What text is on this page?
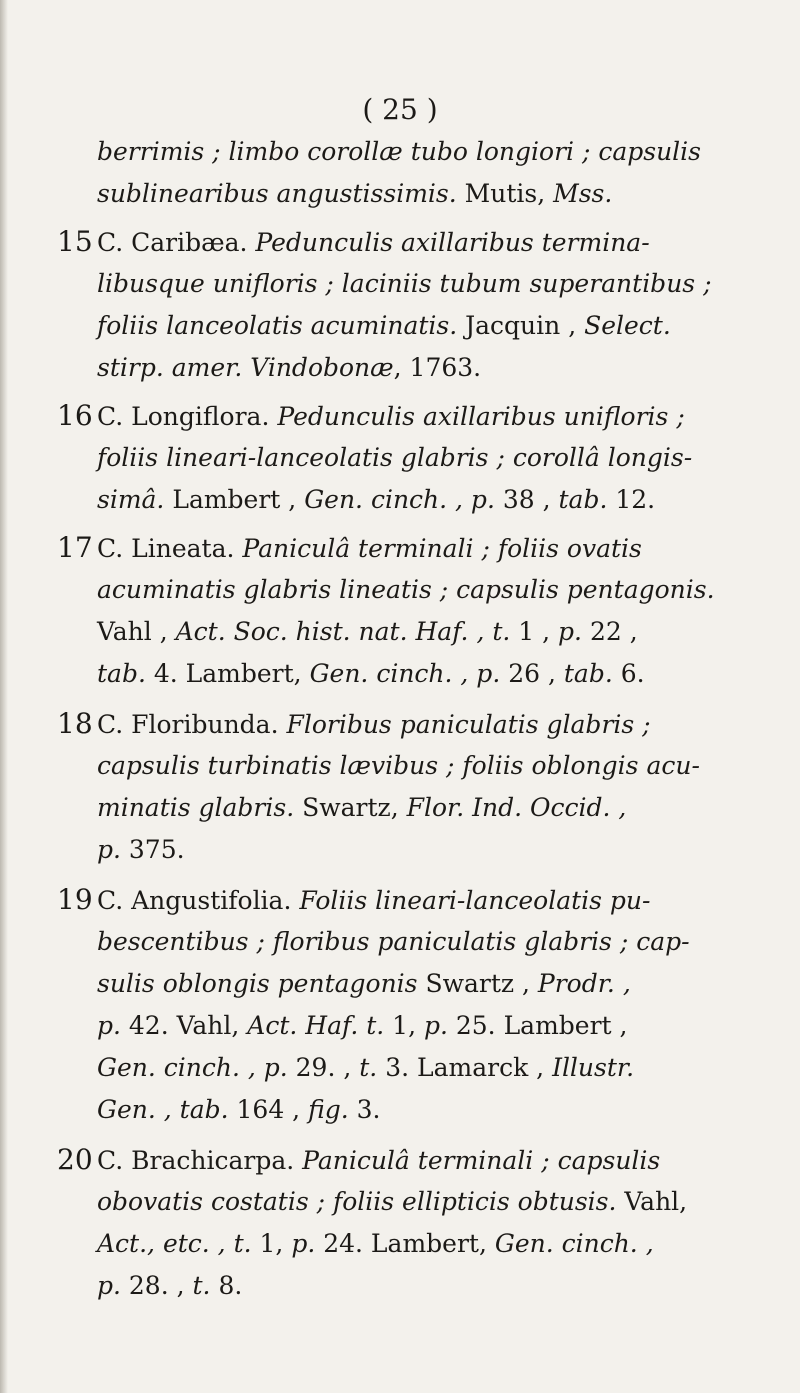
( 25 )
berrimis ; limbo corollæ tubo longiori ; capsulis
sublinearibus angustissimis. Mutis, Mss.
15 C. Caribæa. Pedunculis axillaribus termina-
libusque unifloris ; laciniis tubum superantibus ;
foliis lanceolatis acuminatis. Jacquin , Select.
stirp. amer. Vindobonæ, 1763.
16 C. Longiflora. Pedunculis axillaribus unifloris ;
foliis lineari-lanceolatis glabris ; corollâ longis-
simâ. Lambert , Gen. cinch. , p. 38 , tab. 12.
17 C. Lineata. Paniculâ terminali ; foliis ovatis
acuminatis glabris lineatis ; capsulis pentagonis.
Vahl , Act. Soc. hist. nat. Haf. , t. 1 , p. 22 ,
tab. 4. Lambert, Gen. cinch. , p. 26 , tab. 6.
18 C. Floribunda. Floribus paniculatis glabris ;
capsulis turbinatis lævibus ; foliis oblongis acu-
minatis glabris. Swartz, Flor. Ind. Occid. ,
p. 375.
19 C. Angustifolia. Foliis lineari-lanceolatis pu-
bescentibus ; floribus paniculatis glabris ; cap-
sulis oblongis pentagonis Swartz , Prodr. ,
p. 42. Vahl, Act. Haf. t. 1, p. 25. Lambert ,
Gen. cinch. , p. 29. , t. 3. Lamarck , Illustr.
Gen. , tab. 164 , fig. 3.
20 C. Brachicarpa. Paniculâ terminali ; capsulis
obovatis costatis ; foliis ellipticis obtusis. Vahl,
Act., etc. , t. 1, p. 24. Lambert, Gen. cinch. ,
p. 28. , t. 8.
